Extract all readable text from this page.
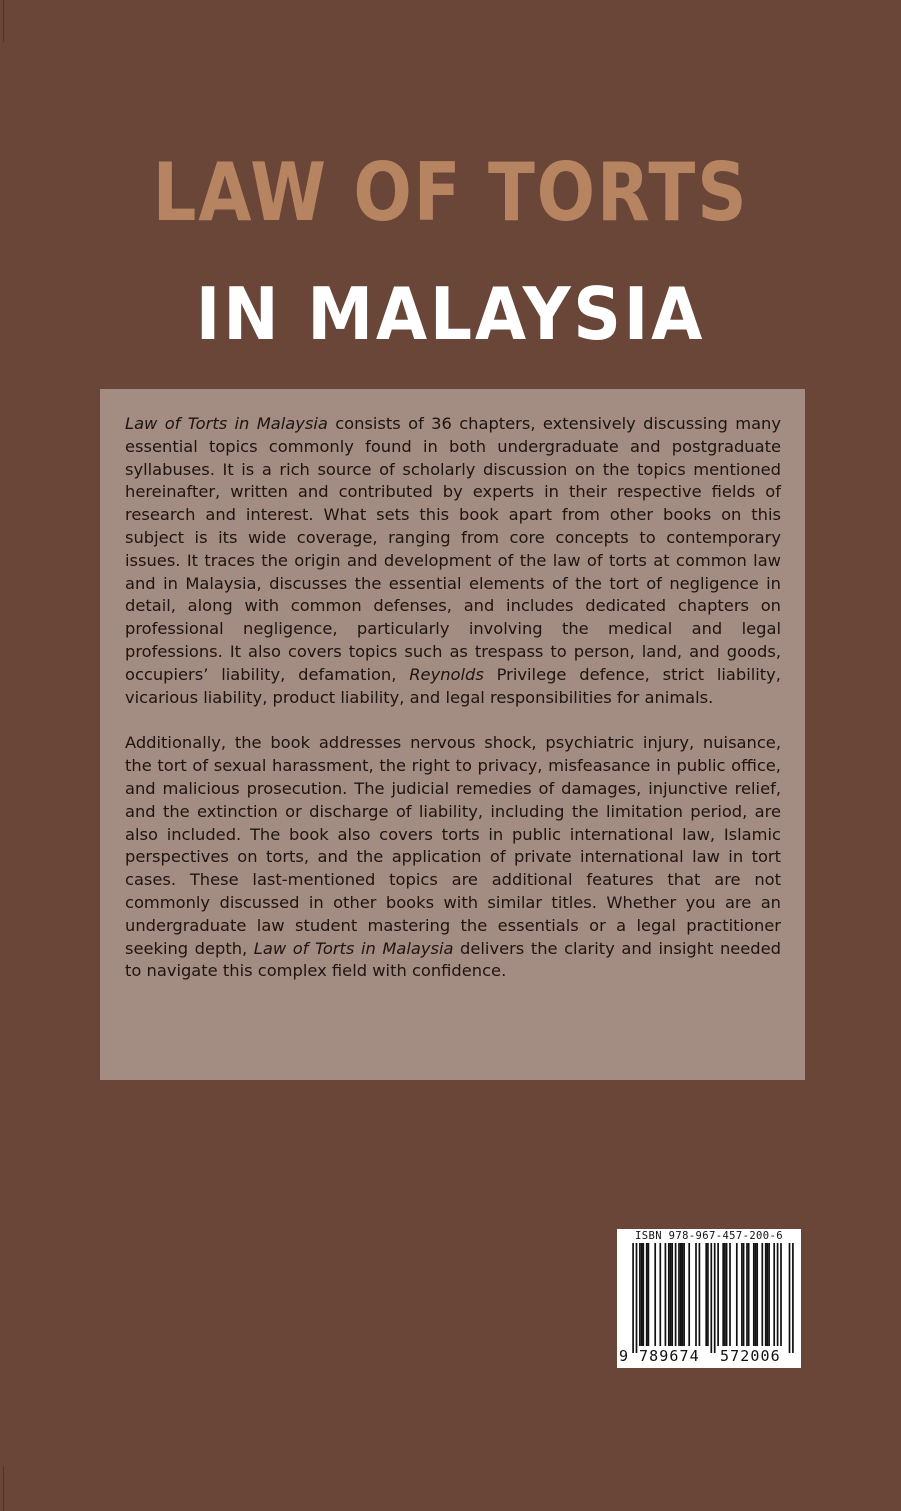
LAW OF TORTS
IN MALAYSIA

Law of Torts in Malaysia consists of 36 chapters, extensively discussing many essential topics commonly found in both undergraduate and postgraduate syllabuses. It is a rich source of scholarly discussion on the topics mentioned hereinafter, written and contributed by experts in their respective fields of research and interest. What sets this book apart from other books on this subject is its wide coverage, ranging from core concepts to contemporary issues. It traces the origin and development of the law of torts at common law and in Malaysia, discusses the essential elements of the tort of negligence in detail, along with common defenses, and includes dedicated chapters on professional negligence, particularly involving the medical and legal professions. It also covers topics such as trespass to person, land, and goods, occupiers’ liability, defamation, Reynolds Privilege defence, strict liability, vicarious liability, product liability, and legal responsibilities for animals.

Additionally, the book addresses nervous shock, psychiatric injury, nuisance, the tort of sexual harassment, the right to privacy, misfeasance in public office, and malicious prosecution. The judicial remedies of damages, injunctive relief, and the extinction or discharge of liability, including the limitation period, are also included. The book also covers torts in public international law, Islamic perspectives on torts, and the application of private international law in tort cases. These last-mentioned topics are additional features that are not commonly discussed in other books with similar titles. Whether you are an undergraduate law student mastering the essentials or a legal practitioner seeking depth, Law of Torts in Malaysia delivers the clarity and insight needed to navigate this complex field with confidence.

ISBN 978-967-457-200-6
9 789674 572006
